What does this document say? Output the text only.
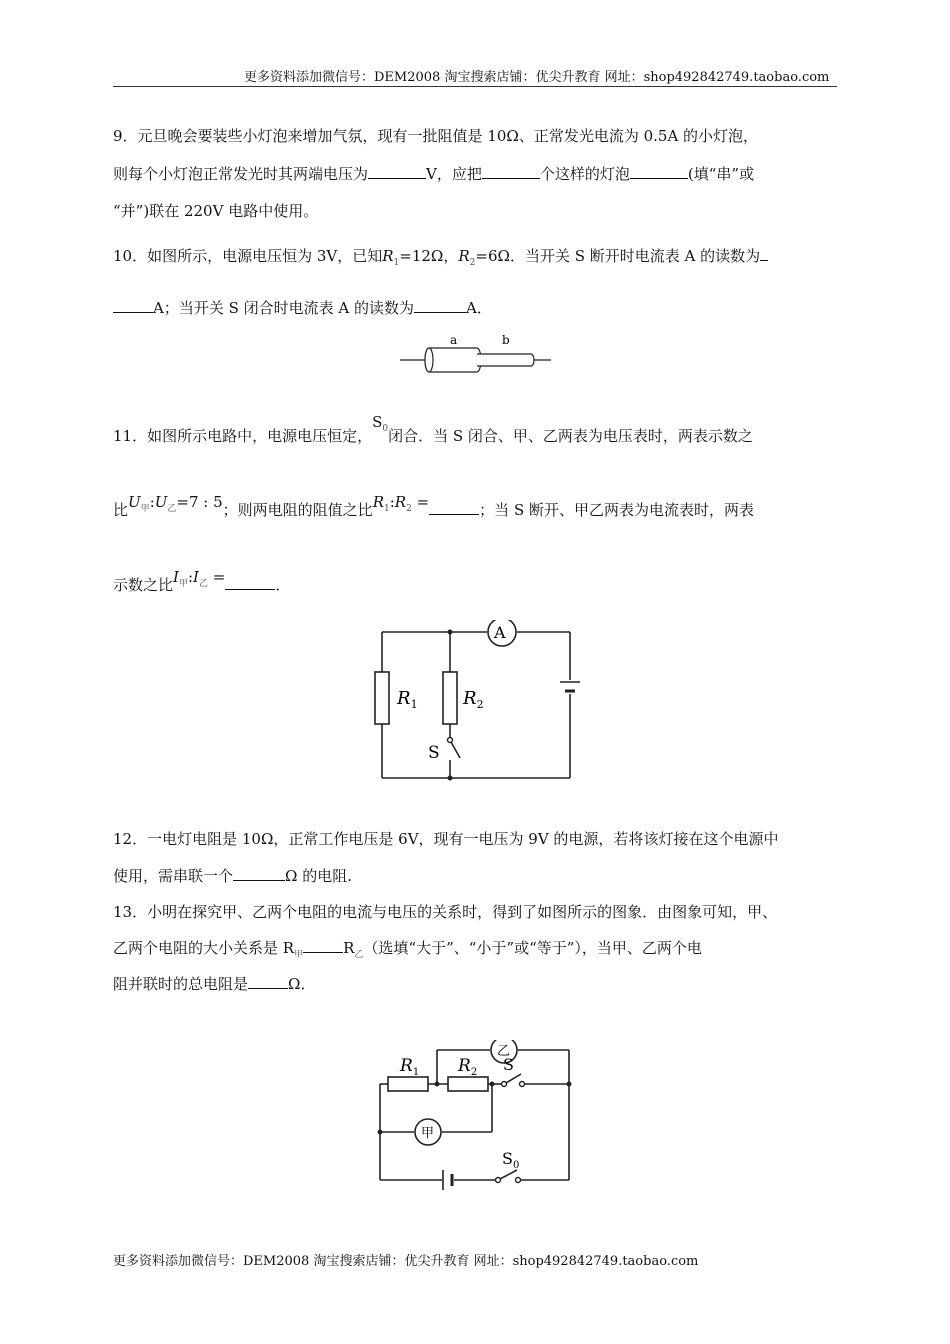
更多资料添加微信号：DEM2008 淘宝搜索店铺：优尖升教育 网址：shop492842749.taobao.com
9．元旦晚会要装些小灯泡来增加气氛，现有一批阻值是 10Ω、正常发光电流为 0.5A 的小灯泡，
则每个小灯泡正常发光时其两端电压为	V，应把	个这样的灯泡	(填“串”或
“并”)联在 220V 电路中使用。
10．如图所示，电源电压恒为 3V，已知$R_1=12\Omega$，$R_2=6\Omega$．当开关 S 断开时电流表 A 的读数为
A；当开关 S 闭合时电流表 A 的读数为	A．
a	b
11．如图所示电路中，电源电压恒定，$S_0$闭合．当 S 闭合、甲、乙两表为电压表时，两表示数之
比$U_甲:U_乙=7$ : 5；则两电阻的阻值之比$R_1:R_2$ =	；当 S 断开、甲乙两表为电流表时，两表
示数之比$I_甲:I_乙$ =	．
A
$R_1$	$R_2$
S
12．一电灯电阻是 10Ω，正常工作电压是 6V，现有一电压为 9V 的电源，若将该灯接在这个电源中
使用，需串联一个	Ω 的电阻.
13．小明在探究甲、乙两个电阻的电流与电压的关系时，得到了如图所示的图象．由图象可知，甲、
乙两个电阻的大小关系是 $R_甲$	$R_乙$（选填“大于”、“小于”或“等于”），当甲、乙两个电
阻并联时的总电阻是	Ω．
乙
甲
$R_1$ $R_2$ S
$S_0$
更多资料添加微信号：DEM2008 淘宝搜索店铺：优尖升教育 网址：shop492842749.taobao.com
